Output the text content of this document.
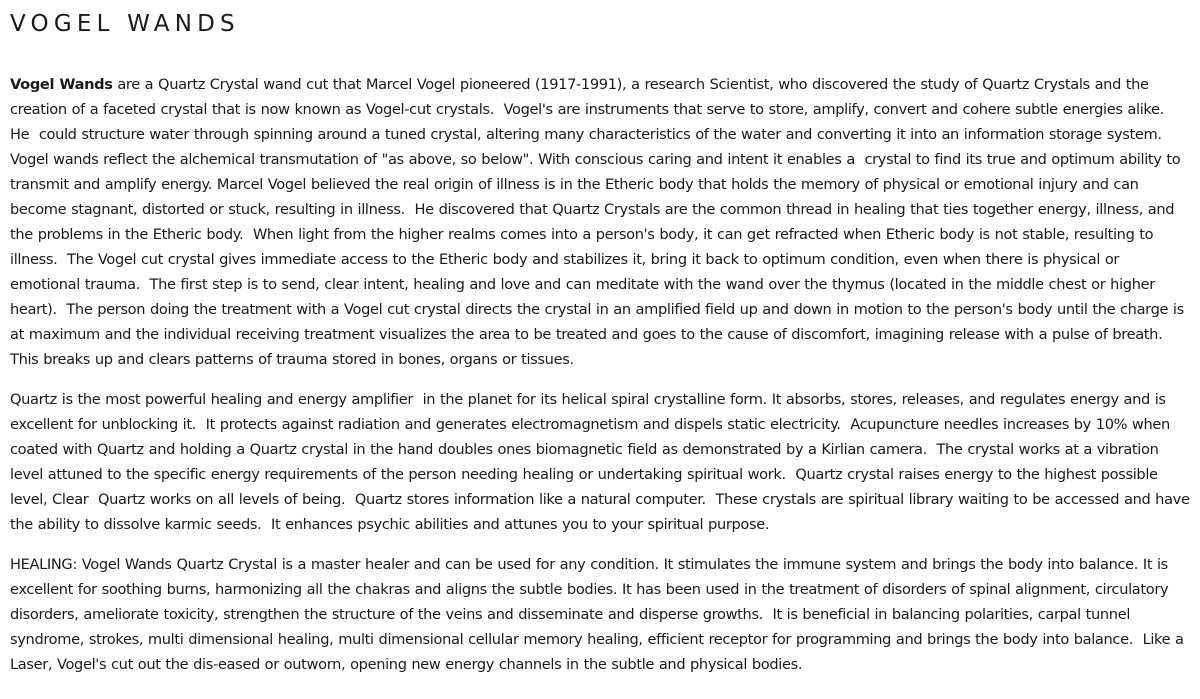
VOGEL WANDS

Vogel Wands are a Quartz Crystal wand cut that Marcel Vogel pioneered (1917-1991), a research Scientist, who discovered the study of Quartz Crystals and the creation of a faceted crystal that is now known as Vogel-cut crystals.  Vogel's are instruments that serve to store, amplify, convert and cohere subtle energies alike.  He  could structure water through spinning around a tuned crystal, altering many characteristics of the water and converting it into an information storage system.  Vogel wands reflect the alchemical transmutation of "as above, so below". With conscious caring and intent it enables a  crystal to find its true and optimum ability to transmit and amplify energy. Marcel Vogel believed the real origin of illness is in the Etheric body that holds the memory of physical or emotional injury and can become stagnant, distorted or stuck, resulting in illness.  He discovered that Quartz Crystals are the common thread in healing that ties together energy, illness, and the problems in the Etheric body.  When light from the higher realms comes into a person's body, it can get refracted when Etheric body is not stable, resulting to illness.  The Vogel cut crystal gives immediate access to the Etheric body and stabilizes it, bring it back to optimum condition, even when there is physical or emotional trauma.  The first step is to send, clear intent, healing and love and can meditate with the wand over the thymus (located in the middle chest or higher heart).  The person doing the treatment with a Vogel cut crystal directs the crystal in an amplified field up and down in motion to the person's body until the charge is at maximum and the individual receiving treatment visualizes the area to be treated and goes to the cause of discomfort, imagining release with a pulse of breath.  This breaks up and clears patterns of trauma stored in bones, organs or tissues.

Quartz is the most powerful healing and energy amplifier  in the planet for its helical spiral crystalline form. It absorbs, stores, releases, and regulates energy and is excellent for unblocking it.  It protects against radiation and generates electromagnetism and dispels static electricity.  Acupuncture needles increases by 10% when coated with Quartz and holding a Quartz crystal in the hand doubles ones biomagnetic field as demonstrated by a Kirlian camera.  The crystal works at a vibration level attuned to the specific energy requirements of the person needing healing or undertaking spiritual work.  Quartz crystal raises energy to the highest possible level, Clear  Quartz works on all levels of being.  Quartz stores information like a natural computer.  These crystals are spiritual library waiting to be accessed and have the ability to dissolve karmic seeds.  It enhances psychic abilities and attunes you to your spiritual purpose.

HEALING: Vogel Wands Quartz Crystal is a master healer and can be used for any condition. It stimulates the immune system and brings the body into balance. It is excellent for soothing burns, harmonizing all the chakras and aligns the subtle bodies. It has been used in the treatment of disorders of spinal alignment, circulatory disorders, ameliorate toxicity, strengthen the structure of the veins and disseminate and disperse growths.  It is beneficial in balancing polarities, carpal tunnel syndrome, strokes, multi dimensional healing, multi dimensional cellular memory healing, efficient receptor for programming and brings the body into balance.  Like a Laser, Vogel's cut out the dis-eased or outworn, opening new energy channels in the subtle and physical bodies.
